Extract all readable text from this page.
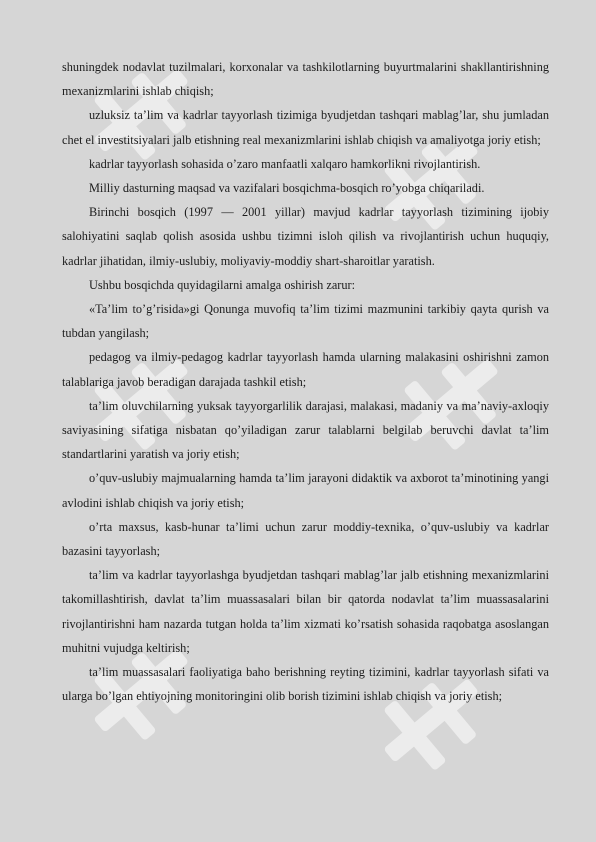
shuningdek nodavlat tuzilmalari, korxonalar va tashkilotlarning buyurtmalarini shakllantirishning mexanizmlarini ishlab chiqish;

uzluksiz ta’lim va kadrlar tayyorlash tizimiga byudjetdan tashqari mablag’lar, shu jumladan chet el investitsiyalari jalb etishning real mexanizmlarini ishlab chiqish va amaliyotga joriy etish;

kadrlar tayyorlash sohasida o’zaro manfaatli xalqaro hamkorlikni rivojlantirish.

Milliy dasturning maqsad va vazifalari bosqichma-bosqich ro’yobga chiqariladi.

Birinchi bosqich (1997 — 2001 yillar) mavjud kadrlar tayyorlash tizimining ijobiy salohiyatini saqlab qolish asosida ushbu tizimni isloh qilish va rivojlantirish uchun huquqiy, kadrlar jihatidan, ilmiy-uslubiy, moliyaviy-moddiy shart-sharoitlar yaratish.

Ushbu bosqichda quyidagilarni amalga oshirish zarur:

«Ta’lim to’g’risida»gi Qonunga muvofiq ta’lim tizimi mazmunini tarkibiy qayta qurish va tubdan yangilash;

pedagog va ilmiy-pedagog kadrlar tayyorlash hamda ularning malakasini oshirishni zamon talablariga javob beradigan darajada tashkil etish;

ta’lim oluvchilarning yuksak tayyorgarlilik darajasi, malakasi, madaniy va ma’naviy-axloqiy saviyasining sifatiga nisbatan qo’yiladigan zarur talablarni belgilab beruvchi davlat ta’lim standartlarini yaratish va joriy etish;

o’quv-uslubiy majmualarning hamda ta’lim jarayoni didaktik va axborot ta’minotining yangi avlodini ishlab chiqish va joriy etish;

o’rta maxsus, kasb-hunar ta’limi uchun zarur moddiy-texnika, o’quv-uslubiy va kadrlar bazasini tayyorlash;

ta’lim va kadrlar tayyorlashga byudjetdan tashqari mablag’lar jalb etishning mexanizmlarini takomillashtirish, davlat ta’lim muassasalari bilan bir qatorda nodavlat ta’lim muassasalarini rivojlantirishni ham nazarda tutgan holda ta’lim xizmati ko’rsatish sohasida raqobatga asoslangan muhitni vujudga keltirish;

ta’lim muassasalari faoliyatiga baho berishning reyting tizimini, kadrlar tayyorlash sifati va ularga bo’lgan ehtiyojning monitoringini olib borish tizimini ishlab chiqish va joriy etish;
